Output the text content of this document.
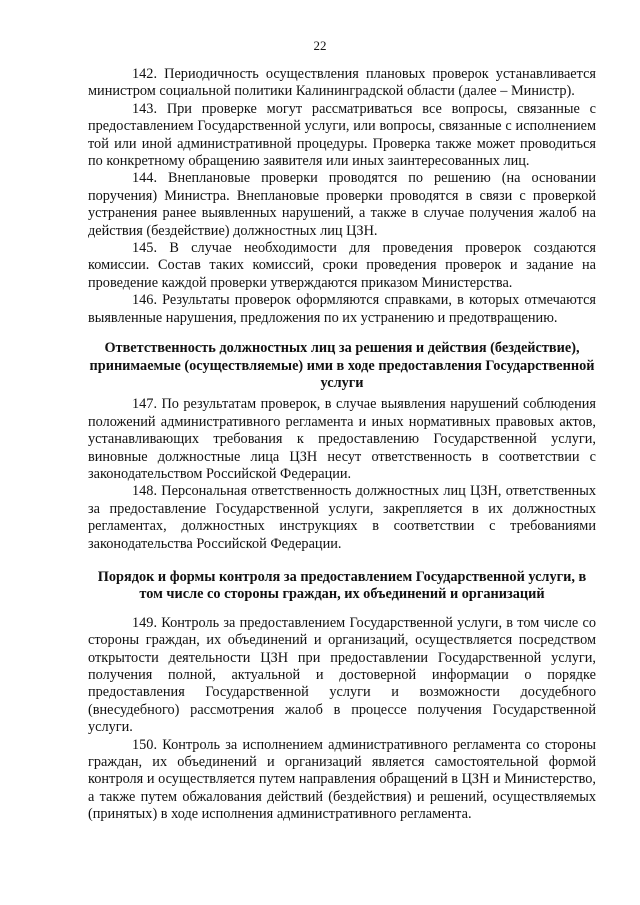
22

142. Периодичность осуществления плановых проверок устанавливается министром социальной политики Калининградской области (далее – Министр).

143. При проверке могут рассматриваться все вопросы, связанные с предоставлением Государственной услуги, или вопросы, связанные с исполнением той или иной административной процедуры. Проверка также может проводиться по конкретному обращению заявителя или иных заинтересованных лиц.

144. Внеплановые проверки проводятся по решению (на основании поручения) Министра. Внеплановые проверки проводятся в связи с проверкой устранения ранее выявленных нарушений, а также в случае получения жалоб на действия (бездействие) должностных лиц ЦЗН.

145. В случае необходимости для проведения проверок создаются комиссии. Состав таких комиссий, сроки проведения проверок и задание на проведение каждой проверки утверждаются приказом Министерства.

146. Результаты проверок оформляются справками, в которых отмечаются выявленные нарушения, предложения по их устранению и предотвращению.

Ответственность должностных лиц за решения и действия (бездействие), принимаемые (осуществляемые) ими в ходе предоставления Государственной услуги

147. По результатам проверок, в случае выявления нарушений соблюдения положений административного регламента и иных нормативных правовых актов, устанавливающих требования к предоставлению Государственной услуги, виновные должностные лица ЦЗН несут ответственность в соответствии с законодательством Российской Федерации.

148. Персональная ответственность должностных лиц ЦЗН, ответственных за предоставление Государственной услуги, закрепляется в их должностных регламентах, должностных инструкциях в соответствии с требованиями законодательства Российской Федерации.

Порядок и формы контроля за предоставлением Государственной услуги, в том числе со стороны граждан, их объединений и организаций

149. Контроль за предоставлением Государственной услуги, в том числе со стороны граждан, их объединений и организаций, осуществляется посредством открытости деятельности ЦЗН при предоставлении Государственной услуги, получения полной, актуальной и достоверной информации о порядке предоставления Государственной услуги и возможности досудебного (внесудебного) рассмотрения жалоб в процессе получения Государственной услуги.

150. Контроль за исполнением административного регламента со стороны граждан, их объединений и организаций является самостоятельной формой контроля и осуществляется путем направления обращений в ЦЗН и Министерство, а также путем обжалования действий (бездействия) и решений, осуществляемых (принятых) в ходе исполнения административного регламента.
